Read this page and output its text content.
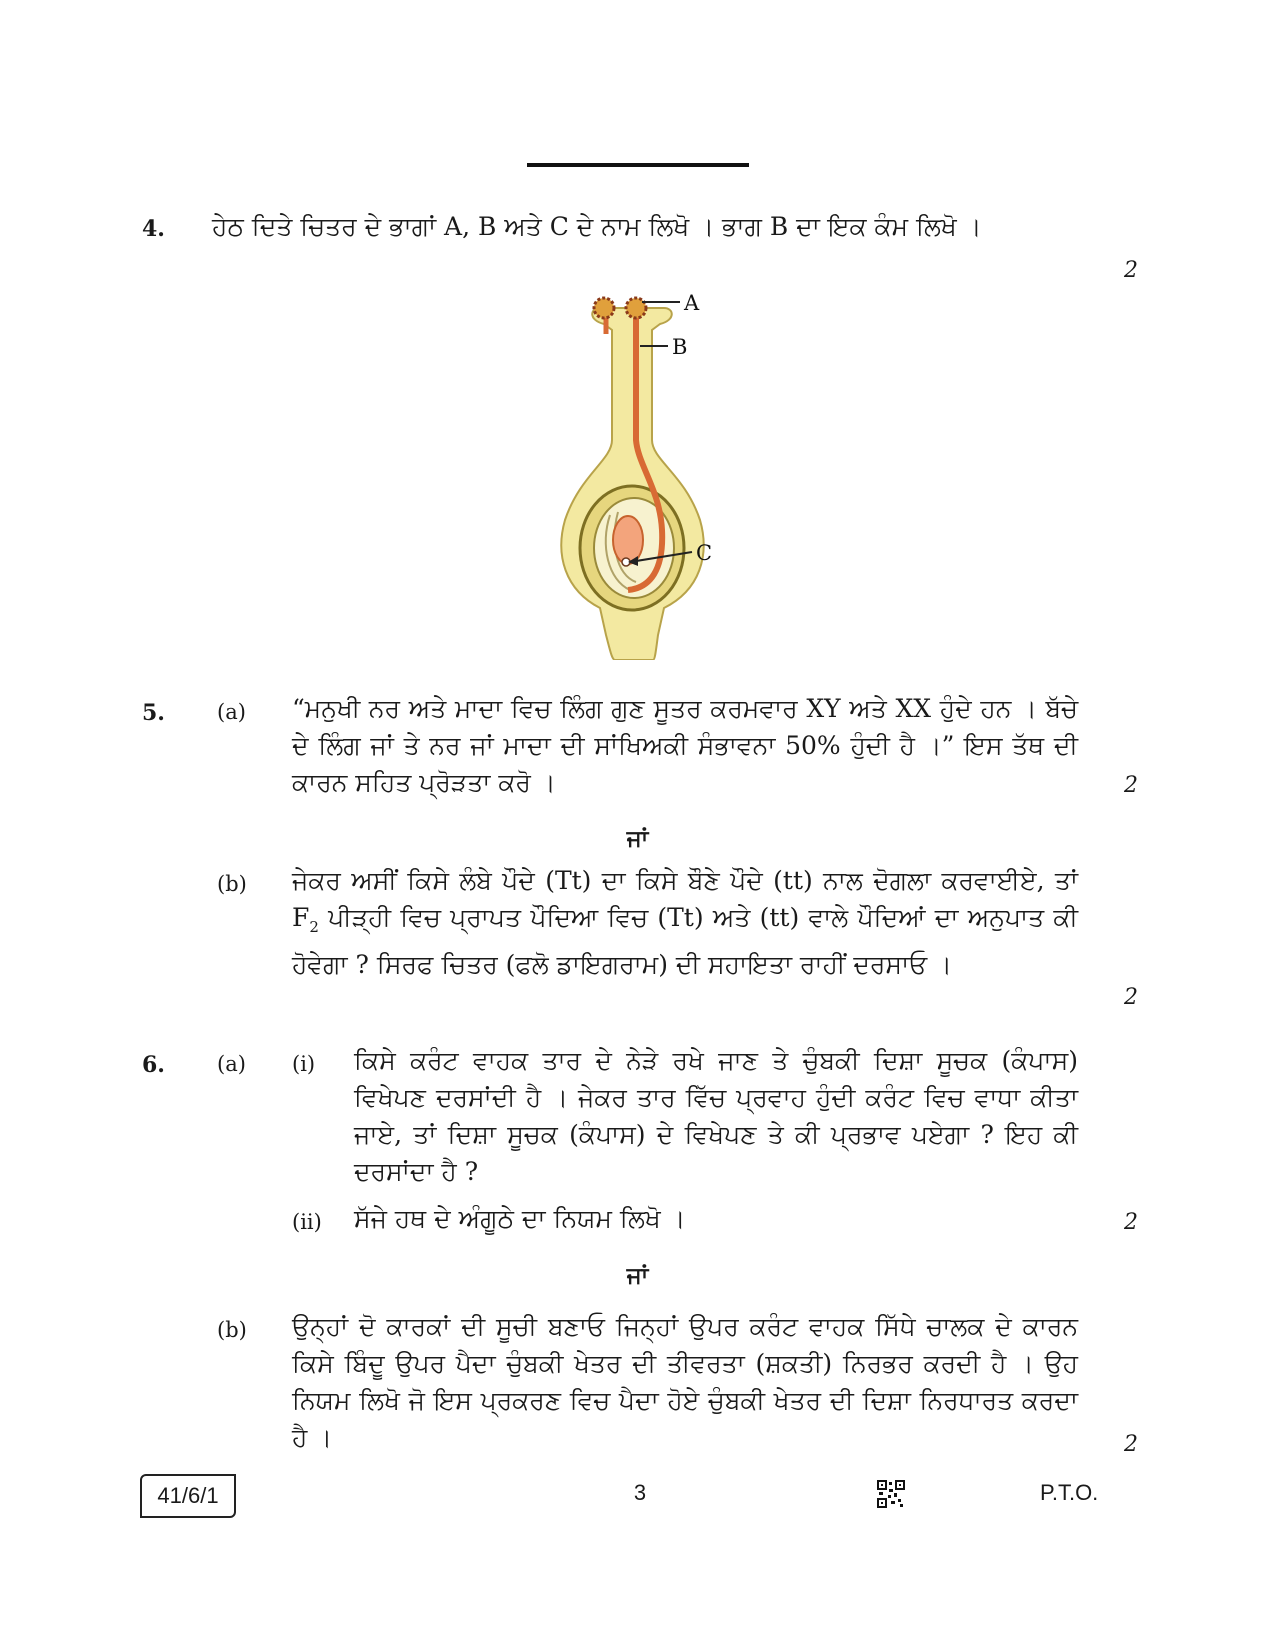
4. ਹੇਠ ਦਿਤੇ ਚਿਤਰ ਦੇ ਭਾਗਾਂ A, B ਅਤੇ C ਦੇ ਨਾਮ ਲਿਖੋ । ਭਾਗ B ਦਾ ਇਕ ਕੰਮ ਲਿਖੋ ।

2
A
B
C
5. (a) “ਮਨੁਖੀ ਨਰ ਅਤੇ ਮਾਦਾ ਵਿਚ ਲਿੰਗ ਗੁਣ ਸੂਤਰ ਕਰਮਵਾਰ XY ਅਤੇ XX ਹੁੰਦੇ ਹਨ । ਬੱਚੇ ਦੇ ਲਿੰਗ ਜਾਂ ਤੇ ਨਰ ਜਾਂ ਮਾਦਾ ਦੀ ਸਾਂਖਿਅਕੀ ਸੰਭਾਵਨਾ 50% ਹੁੰਦੀ ਹੈ ।” ਇਸ ਤੱਥ ਦੀ ਕਾਰਨ ਸਹਿਤ ਪ੍ਰੋੜਤਾ ਕਰੋ ।	2
ਜਾਂ
(b) ਜੇਕਰ ਅਸੀਂ ਕਿਸੇ ਲੰਬੇ ਪੌਦੇ (Tt) ਦਾ ਕਿਸੇ ਬੌਣੇ ਪੌਦੇ (tt) ਨਾਲ ਦੋਗਲਾ ਕਰਵਾਈਏ, ਤਾਂ $F_2$ ਪੀੜ੍ਹੀ ਵਿਚ ਪ੍ਰਾਪਤ ਪੌਦਿਆ ਵਿਚ (Tt) ਅਤੇ (tt) ਵਾਲੇ ਪੌਦਿਆਂ ਦਾ ਅਨੁਪਾਤ ਕੀ ਹੋਵੇਗਾ ? ਸਿਰਫ ਚਿਤਰ (ਫਲੋ ਡਾਇਗਰਾਮ) ਦੀ ਸਹਾਇਤਾ ਰਾਹੀਂ ਦਰਸਾਓ ।

2
6. (a) (i) ਕਿਸੇ ਕਰੰਟ ਵਾਹਕ ਤਾਰ ਦੇ ਨੇੜੇ ਰਖੇ ਜਾਣ ਤੇ ਚੁੰਬਕੀ ਦਿਸ਼ਾ ਸੂਚਕ (ਕੰਪਾਸ) ਵਿਖੇਪਣ ਦਰਸਾਂਦੀ ਹੈ । ਜੇਕਰ ਤਾਰ ਵਿੱਚ ਪ੍ਰਵਾਹ ਹੁੰਦੀ ਕਰੰਟ ਵਿਚ ਵਾਧਾ ਕੀਤਾ ਜਾਏ, ਤਾਂ ਦਿਸ਼ਾ ਸੂਚਕ (ਕੰਪਾਸ) ਦੇ ਵਿਖੇਪਣ ਤੇ ਕੀ ਪ੍ਰਭਾਵ ਪਏਗਾ ? ਇਹ ਕੀ ਦਰਸਾਂਦਾ ਹੈ ?

(ii) ਸੱਜੇ ਹਥ ਦੇ ਅੰਗੂਠੇ ਦਾ ਨਿਯਮ ਲਿਖੋ ।	2
ਜਾਂ
(b) ਉਨ੍ਹਾਂ ਦੋ ਕਾਰਕਾਂ ਦੀ ਸੂਚੀ ਬਣਾਓ ਜਿਨ੍ਹਾਂ ਉਪਰ ਕਰੰਟ ਵਾਹਕ ਸਿੱਧੇ ਚਾਲਕ ਦੇ ਕਾਰਨ ਕਿਸੇ ਬਿੰਦੂ ਉਪਰ ਪੈਦਾ ਚੁੰਬਕੀ ਖੇਤਰ ਦੀ ਤੀਵਰਤਾ (ਸ਼ਕਤੀ) ਨਿਰਭਰ ਕਰਦੀ ਹੈ । ਉਹ ਨਿਯਮ ਲਿਖੋ ਜੋ ਇਸ ਪ੍ਰਕਰਣ ਵਿਚ ਪੈਦਾ ਹੋਏ ਚੁੰਬਕੀ ਖੇਤਰ ਦੀ ਦਿਸ਼ਾ ਨਿਰਧਾਰਤ ਕਰਦਾ ਹੈ ।	2
41/6/1	3	P.T.O.
